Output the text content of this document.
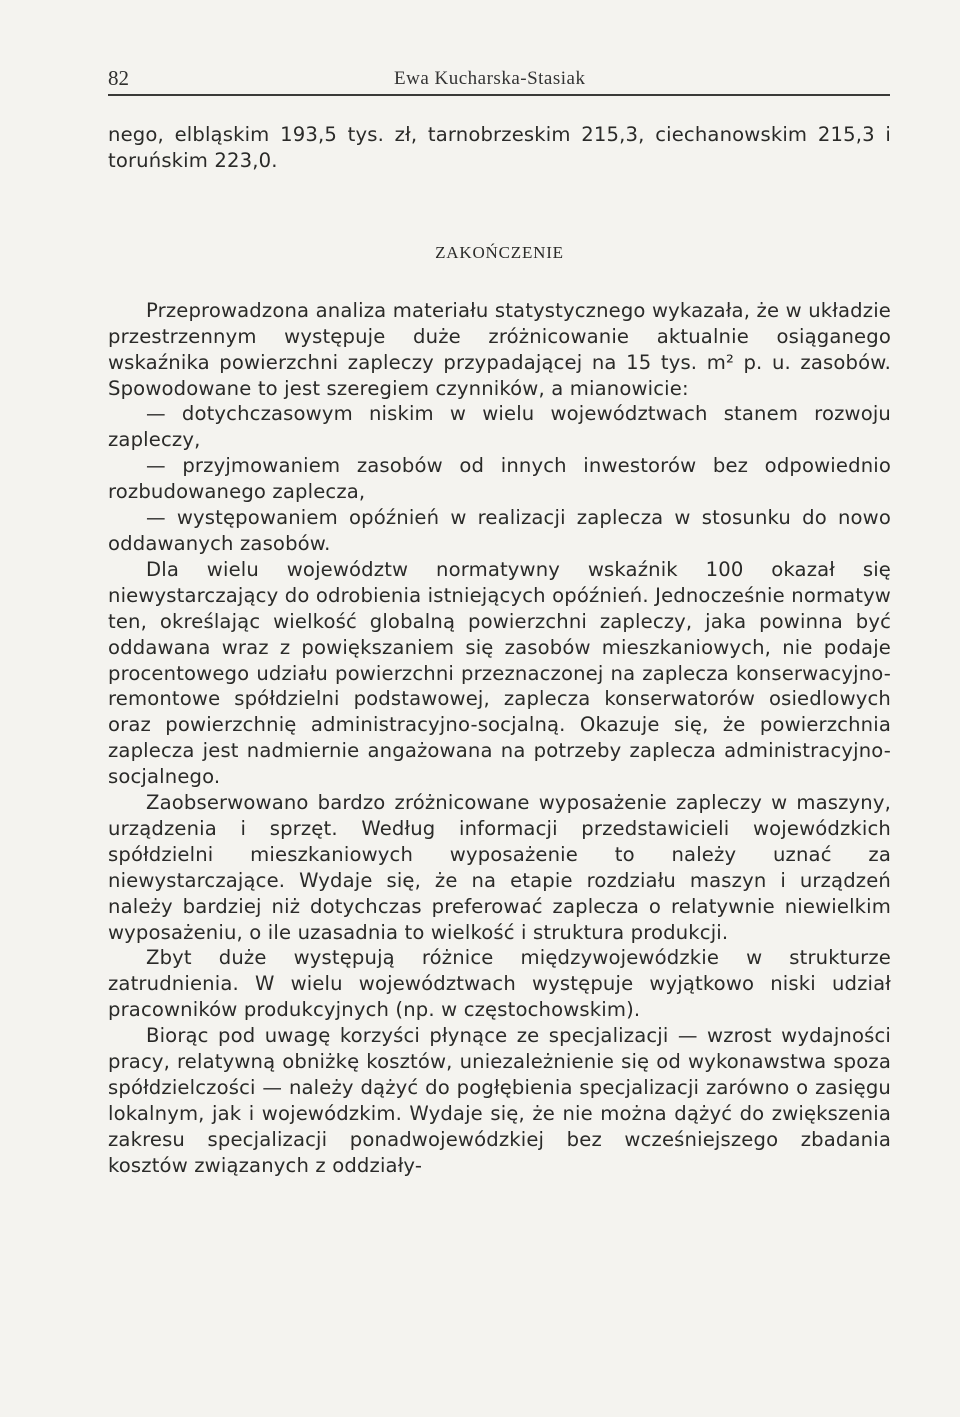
82	Ewa Kucharska-Stasiak

nego, elbląskim 193,5 tys. zł, tarnobrzeskim 215,3, ciechanowskim 215,3 i toruńskim 223,0.

ZAKOŃCZENIE

Przeprowadzona analiza materiału statystycznego wykazała, że w układzie przestrzennym występuje duże zróżnicowanie aktualnie osiąganego wskaźnika powierzchni zapleczy przypadającej na 15 tys. m² p. u. zasobów. Spowodowane to jest szeregiem czynników, a mianowicie:

— dotychczasowym niskim w wielu województwach stanem rozwoju zapleczy,

— przyjmowaniem zasobów od innych inwestorów bez odpowiednio rozbudowanego zaplecza,

— występowaniem opóźnień w realizacji zaplecza w stosunku do nowo oddawanych zasobów.

Dla wielu województw normatywny wskaźnik 100 okazał się niewystarczający do odrobienia istniejących opóźnień. Jednocześnie normatyw ten, określając wielkość globalną powierzchni zapleczy, jaka powinna być oddawana wraz z powiększaniem się zasobów mieszkaniowych, nie podaje procentowego udziału powierzchni przeznaczonej na zaplecza konserwacyjno-remontowe spółdzielni podstawowej, zaplecza konserwatorów osiedlowych oraz powierzchnię administracyjno-socjalną. Okazuje się, że powierzchnia zaplecza jest nadmiernie angażowana na potrzeby zaplecza administracyjno-socjalnego.

Zaobserwowano bardzo zróżnicowane wyposażenie zapleczy w maszyny, urządzenia i sprzęt. Według informacji przedstawicieli wojewódzkich spółdzielni mieszkaniowych wyposażenie to należy uznać za niewystarczające. Wydaje się, że na etapie rozdziału maszyn i urządzeń należy bardziej niż dotychczas preferować zaplecza o relatywnie niewielkim wyposażeniu, o ile uzasadnia to wielkość i struktura produkcji.

Zbyt duże występują różnice międzywojewódzkie w strukturze zatrudnienia. W wielu województwach występuje wyjątkowo niski udział pracowników produkcyjnych (np. w częstochowskim).

Biorąc pod uwagę korzyści płynące ze specjalizacji — wzrost wydajności pracy, relatywną obniżkę kosztów, uniezależnienie się od wykonawstwa spoza spółdzielczości — należy dążyć do pogłębienia specjalizacji zarówno o zasięgu lokalnym, jak i wojewódzkim. Wydaje się, że nie można dążyć do zwiększenia zakresu specjalizacji ponadwojewódzkiej bez wcześniejszego zbadania kosztów związanych z oddziały-
